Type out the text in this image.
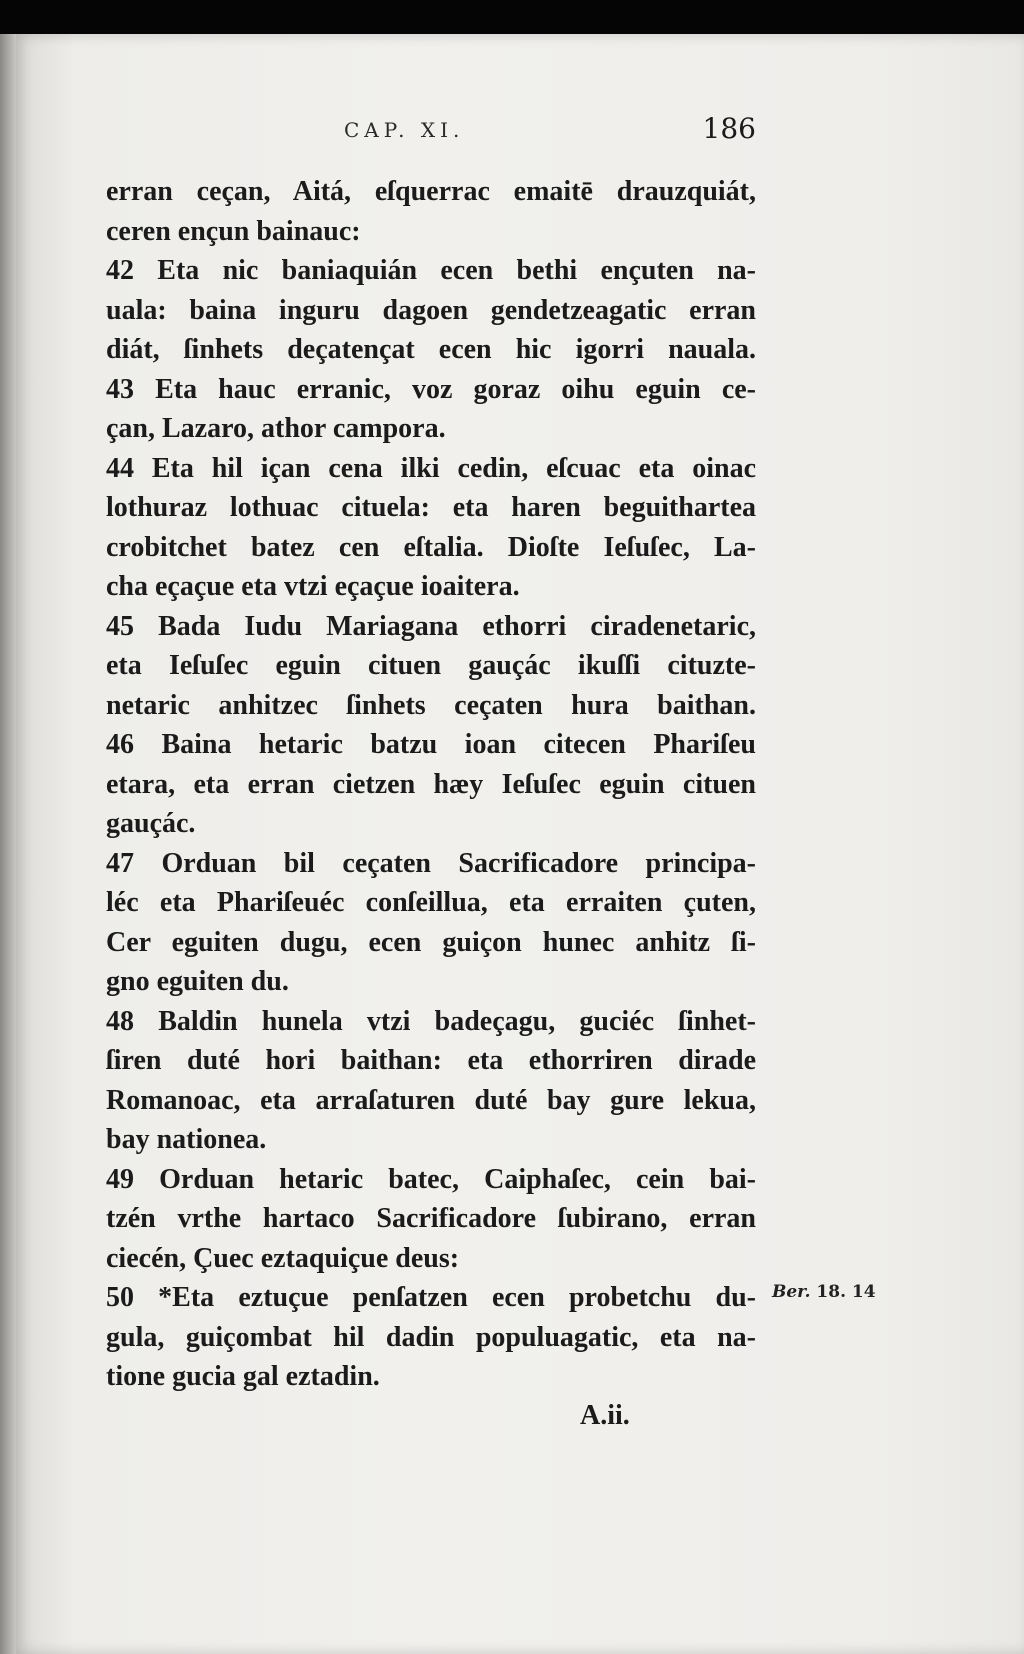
CAP. XI.	186
erran ceçan, Aitá, eſquerrac emaitē drauzquiát,
ceren ençun bainauc:
42 Eta nic baniaquián ecen bethi ençuten na-
uala: baina inguru dagoen gendetzeagatic erran
diát, ſinhets deçatençat ecen hic igorri nauala.
43 Eta hauc erranic, voz goraz oihu eguin ce-
çan, Lazaro, athor campora.
44 Eta hil içan cena ilki cedin, eſcuac eta oinac
lothuraz lothuac cituela: eta haren beguithartea
crobitchet batez cen eſtalia. Dioſte Ieſuſec, La-
cha eçaçue eta vtzi eçaçue ioaitera.
45 Bada Iudu Mariagana ethorri ciradenetaric,
eta Ieſuſec eguin cituen gauçác ikuſſi cituzte-
netaric anhitzec ſinhets ceçaten hura baithan.
46 Baina hetaric batzu ioan citecen Phariſeu
etara, eta erran cietzen hæy Ieſuſec eguin cituen
gauçác.
47 Orduan bil ceçaten Sacrificadore principa-
léc eta Phariſeuéc conſeillua, eta erraiten çuten,
Cer eguiten dugu, ecen guiçon hunec anhitz ſi-
gno eguiten du.
48 Baldin hunela vtzi badeçagu, guciéc ſinhet-
ſiren duté hori baithan: eta ethorriren dirade
Romanoac, eta arraſaturen duté bay gure lekua,
bay nationea.
49 Orduan hetaric batec, Caiphaſec, cein bai-
tzén vrthe hartaco Sacrificadore ſubirano, erran
ciecén, Çuec eztaquiçue deus:
50 *Eta eztuçue penſatzen ecen probetchu du-
gula, guiçombat hil dadin populuagatic, eta na-
tione gucia gal eztadin.
Ber. 18. 14
A.ii.
